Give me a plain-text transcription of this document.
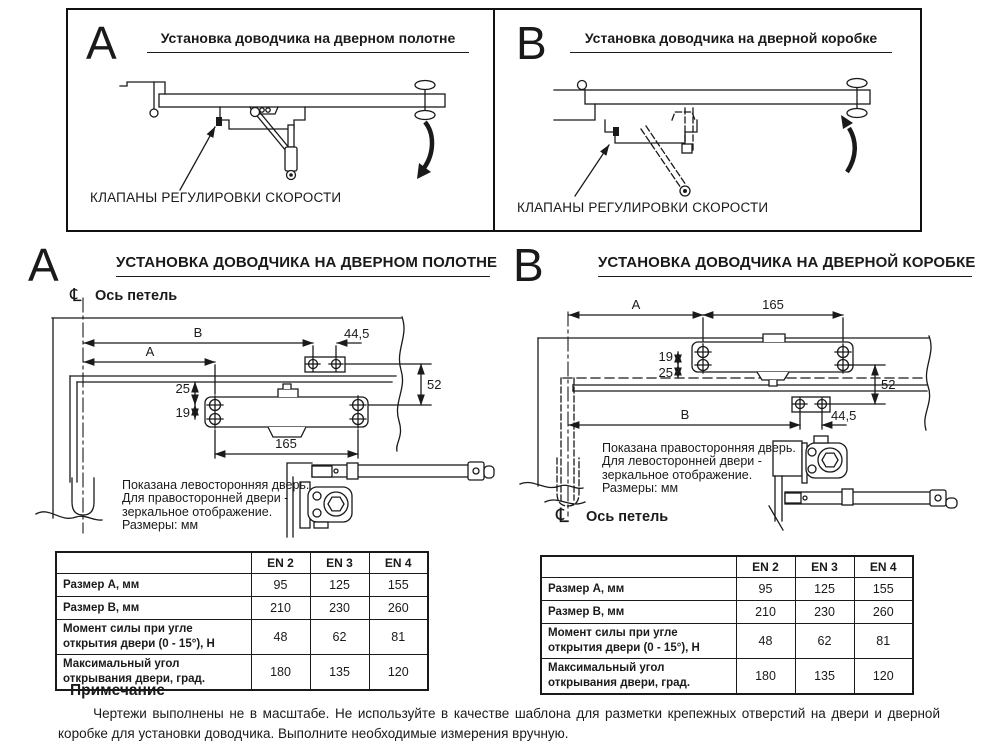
A	Установка доводчика на дверном полотне
КЛАПАНЫ РЕГУЛИРОВКИ СКОРОСТИ
B	Установка доводчика на дверной коробке
КЛАПАНЫ РЕГУЛИРОВКИ СКОРОСТИ
A	УСТАНОВКА ДОВОДЧИКА НА ДВЕРНОМ ПОЛОТНЕ
℄ Ось петель
B
A
44,5
52
25
19
165
Показана левосторонняя дверь.
Для правосторонней двери -
зеркальное отображение.
Размеры: мм
B	УСТАНОВКА ДОВОДЧИКА НА ДВЕРНОЙ КОРОБКЕ
A	165
19
25
52
B	44,5
Показана правосторонняя дверь.
Для левосторонней двери -
зеркальное отображение.
Размеры: мм
℄ Ось петель
	EN 2	EN 3	EN 4
Размер А, мм	95	125	155
Размер В, мм	210	230	260
Момент силы при угле открытия двери (0 - 15°), Н	48	62	81
Максимальный угол открывания двери, град.	180	135	120
	EN 2	EN 3	EN 4
Размер А, мм	95	125	155
Размер В, мм	210	230	260
Момент силы при угле открытия двери (0 - 15°), Н	48	62	81
Максимальный угол открывания двери, град.	180	135	120
Примечание
Чертежи выполнены не в масштабе. Не используйте в качестве шаблона для разметки крепежных отверстий на двери и дверной коробке для установки доводчика. Выполните необходимые измерения вручную.
